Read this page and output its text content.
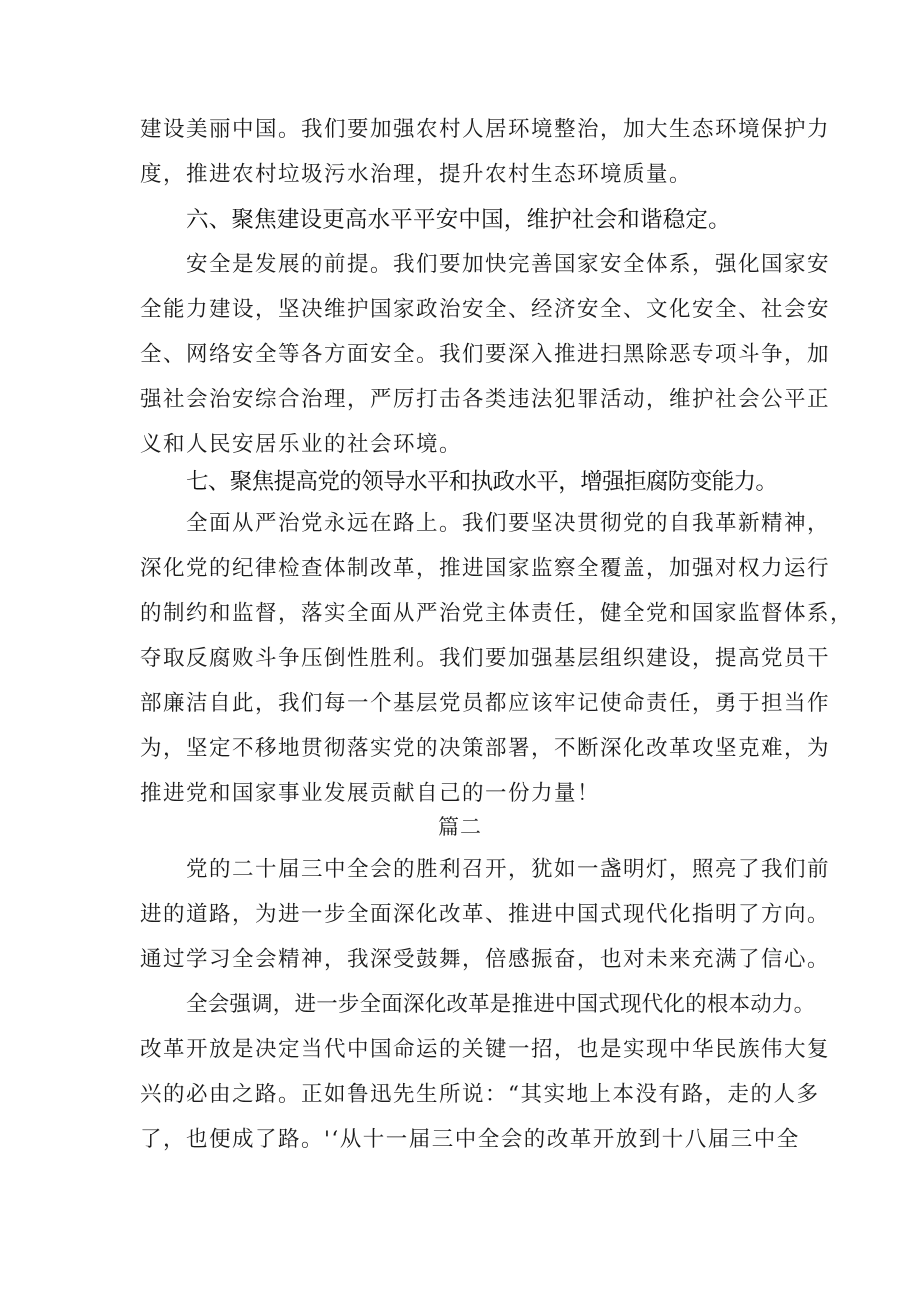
建设美丽中国。我们要加强农村人居环境整治，加大生态环境保护力
度，推进农村垃圾污水治理，提升农村生态环境质量。
六、聚焦建设更高水平平安中国，维护社会和谐稳定。
安全是发展的前提。我们要加快完善国家安全体系，强化国家安
全能力建设，坚决维护国家政治安全、经济安全、文化安全、社会安
全、网络安全等各方面安全。我们要深入推进扫黑除恶专项斗争，加
强社会治安综合治理，严厉打击各类违法犯罪活动，维护社会公平正
义和人民安居乐业的社会环境。
七、聚焦提高党的领导水平和执政水平，增强拒腐防变能力。
全面从严治党永远在路上。我们要坚决贯彻党的自我革新精神，
深化党的纪律检查体制改革，推进国家监察全覆盖，加强对权力运行
的制约和监督，落实全面从严治党主体责任，健全党和国家监督体系，
夺取反腐败斗争压倒性胜利。我们要加强基层组织建设，提高党员干
部廉洁自此，我们每一个基层党员都应该牢记使命责任，勇于担当作
为，坚定不移地贯彻落实党的决策部署，不断深化改革攻坚克难，为
推进党和国家事业发展贡献自己的一份力量！
篇二
党的二十届三中全会的胜利召开，犹如一盏明灯，照亮了我们前
进的道路，为进一步全面深化改革、推进中国式现代化指明了方向。
通过学习全会精神，我深受鼓舞，倍感振奋，也对未来充满了信心。
全会强调，进一步全面深化改革是推进中国式现代化的根本动力。
改革开放是决定当代中国命运的关键一招，也是实现中华民族伟大复
兴的必由之路。正如鲁迅先生所说：“其实地上本没有路，走的人多
了，也便成了路。'‘从十一届三中全会的改革开放到十八届三中全
